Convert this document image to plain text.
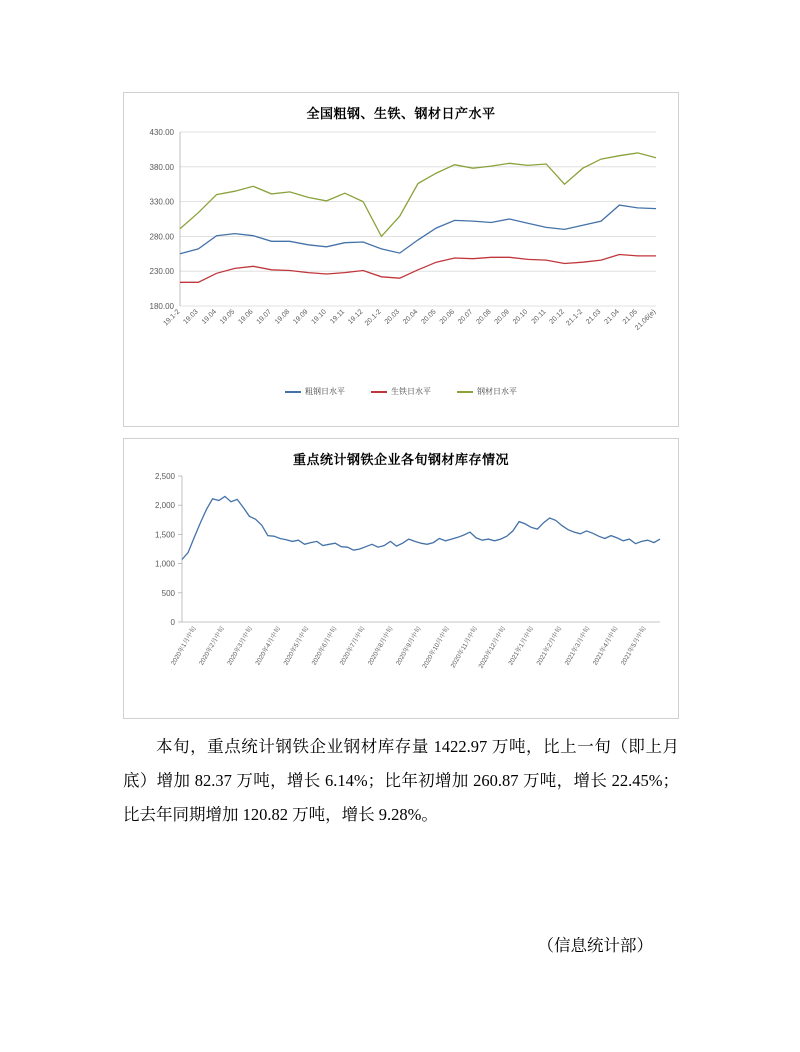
全国粗钢、生铁、钢材日产水平
180.00
230.00
280.00
330.00
380.00
430.00
19.1-2 19.03 19.04 19.05 19.06 19.07 19.08 19.09 19.10 19.11 19.12 20.1-2 20.03 20.04 20.05 20.06 20.07 20.08 20.09 20.10 20.11 20.12 21.1-2 21.03 21.04 21.05
21.06(e)
粗钢日水平	生铁日水平	钢材日水平
重点统计钢铁企业各旬钢材库存情况
0
500
1,000
1,500
2,000
2,500
2020年1月中旬 2020年2月中旬 2020年3月中旬 2020年4月中旬 2020年5月中旬 2020年6月中旬 2020年7月中旬 2020年8月中旬 2020年9月中旬
2020年10月中旬
2020年11月中旬
2020年12月中旬 2021年1月中旬 2021年2月中旬 2021年3月中旬 2021年4月中旬 2021年5月中旬

本旬，重点统计钢铁企业钢材库存量 1422.97 万吨，比上一旬（即上月底）增加 82.37 万吨，增长 6.14%；比年初增加 260.87 万吨，增长 22.45%；比去年同期增加 120.82 万吨，增长 9.28%。

（信息统计部）
